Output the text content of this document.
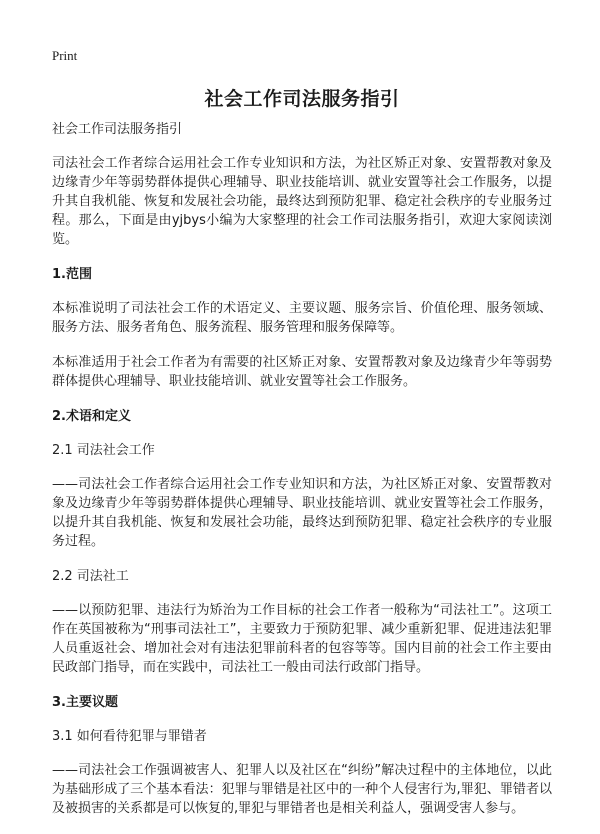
Print
社会工作司法服务指引

社会工作司法服务指引

司法社会工作者综合运用社会工作专业知识和方法，为社区矫正对象、安置帮教对象及边缘青少年等弱势群体提供心理辅导、职业技能培训、就业安置等社会工作服务，以提升其自我机能、恢复和发展社会功能，最终达到预防犯罪、稳定社会秩序的专业服务过程。那么，下面是由yjbys小编为大家整理的社会工作司法服务指引，欢迎大家阅读浏览。

1.范围

本标准说明了司法社会工作的术语定义、主要议题、服务宗旨、价值伦理、服务领域、服务方法、服务者角色、服务流程、服务管理和服务保障等。

本标准适用于社会工作者为有需要的社区矫正对象、安置帮教对象及边缘青少年等弱势群体提供心理辅导、职业技能培训、就业安置等社会工作服务。

2.术语和定义

2.1 司法社会工作

——司法社会工作者综合运用社会工作专业知识和方法，为社区矫正对象、安置帮教对象及边缘青少年等弱势群体提供心理辅导、职业技能培训、就业安置等社会工作服务，以提升其自我机能、恢复和发展社会功能，最终达到预防犯罪、稳定社会秩序的专业服务过程。

2.2 司法社工

——以预防犯罪、违法行为矫治为工作目标的社会工作者一般称为“司法社工”。这项工作在英国被称为“刑事司法社工”，主要致力于预防犯罪、减少重新犯罪、促进违法犯罪人员重返社会、增加社会对有违法犯罪前科者的包容等等。国内目前的社会工作主要由民政部门指导，而在实践中，司法社工一般由司法行政部门指导。

3.主要议题

3.1 如何看待犯罪与罪错者

——司法社会工作强调被害人、犯罪人以及社区在“纠纷”解决过程中的主体地位，以此为基础形成了三个基本看法：犯罪与罪错是社区中的一种个人侵害行为,罪犯、罪错者以及被损害的关系都是可以恢复的,罪犯与罪错者也是相关利益人，强调受害人参与。
